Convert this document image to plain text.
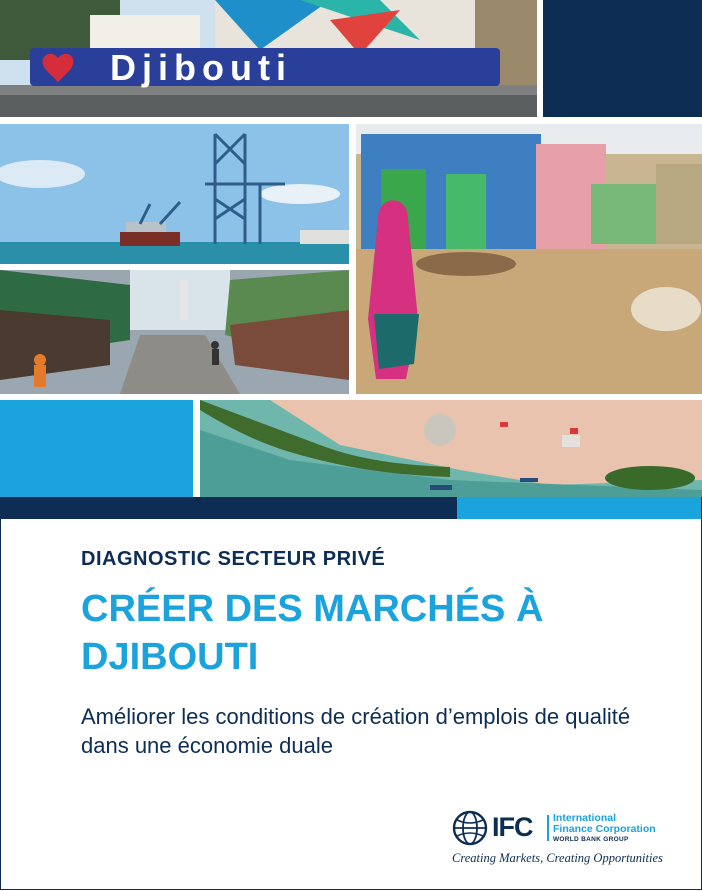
Djibouti
DIAGNOSTIC SECTEUR PRIVÉ
CRÉER DES MARCHÉS À DJIBOUTI
Améliorer les conditions de création d’emplois de qualité dans une économie duale
IFC International
Finance Corporation
WORLD BANK GROUP
Creating Markets, Creating Opportunities
